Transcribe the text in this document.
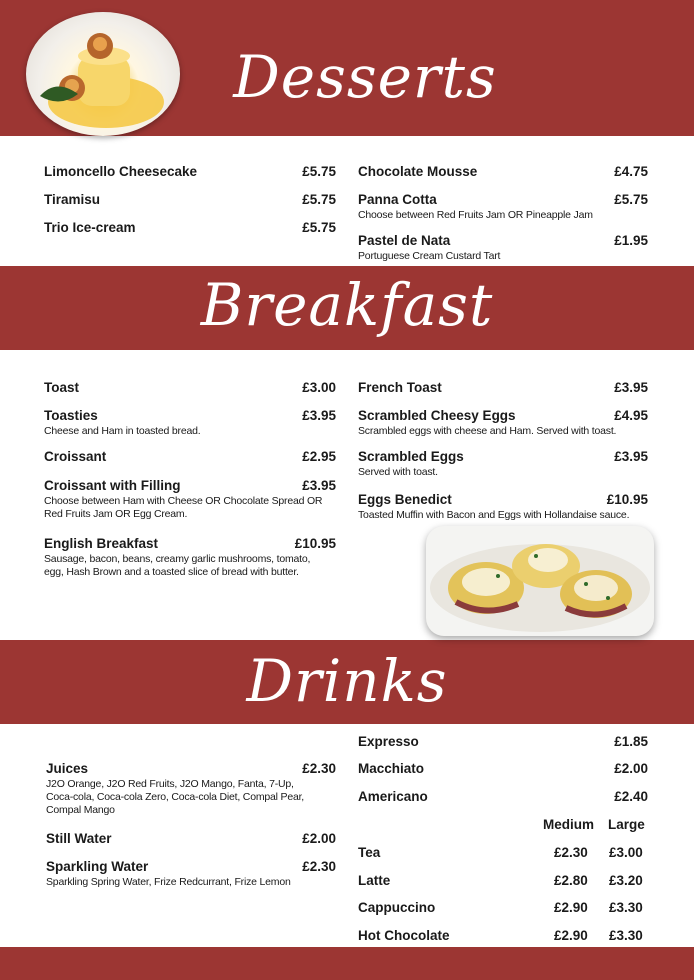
Desserts
Breakfast
Drinks
Limoncello Cheesecake	£5.75
Tiramisu	£5.75
Trio Ice-cream	£5.75
Chocolate Mousse	£4.75
Panna Cotta	£5.75
Choose between Red Fruits Jam OR Pineapple Jam
Pastel de Nata	£1.95
Portuguese Cream Custard Tart
Toast	£3.00
Toasties	£3.95
Cheese and Ham in toasted bread.
Croissant	£2.95
Croissant with Filling	£3.95
Choose between Ham with Cheese OR Chocolate Spread OR Red Fruits Jam OR Egg Cream.
English Breakfast	£10.95
Sausage, bacon, beans, creamy garlic mushrooms, tomato, egg, Hash Brown and a toasted slice of bread with butter.
French Toast	£3.95
Scrambled Cheesy Eggs	£4.95
Scrambled eggs with cheese and Ham. Served with toast.
Scrambled Eggs	£3.95
Served with toast.
Eggs Benedict	£10.95
Toasted Muffin with Bacon and Eggs with Hollandaise sauce.
Juices	£2.30
J2O Orange, J2O Red Fruits, J2O Mango, Fanta, 7-Up, Coca-cola, Coca-cola Zero, Coca-cola Diet, Compal Pear, Compal Mango
Still Water	£2.00
Sparkling Water	£2.30
Sparkling Spring Water, Frize Redcurrant, Frize Lemon
Expresso	£1.85
Macchiato	£2.00
Americano	£2.40
Medium Large
Tea	£2.30 £3.00
Latte	£2.80 £3.20
Cappuccino	£2.90 £3.30
Hot Chocolate	£2.90 £3.30
